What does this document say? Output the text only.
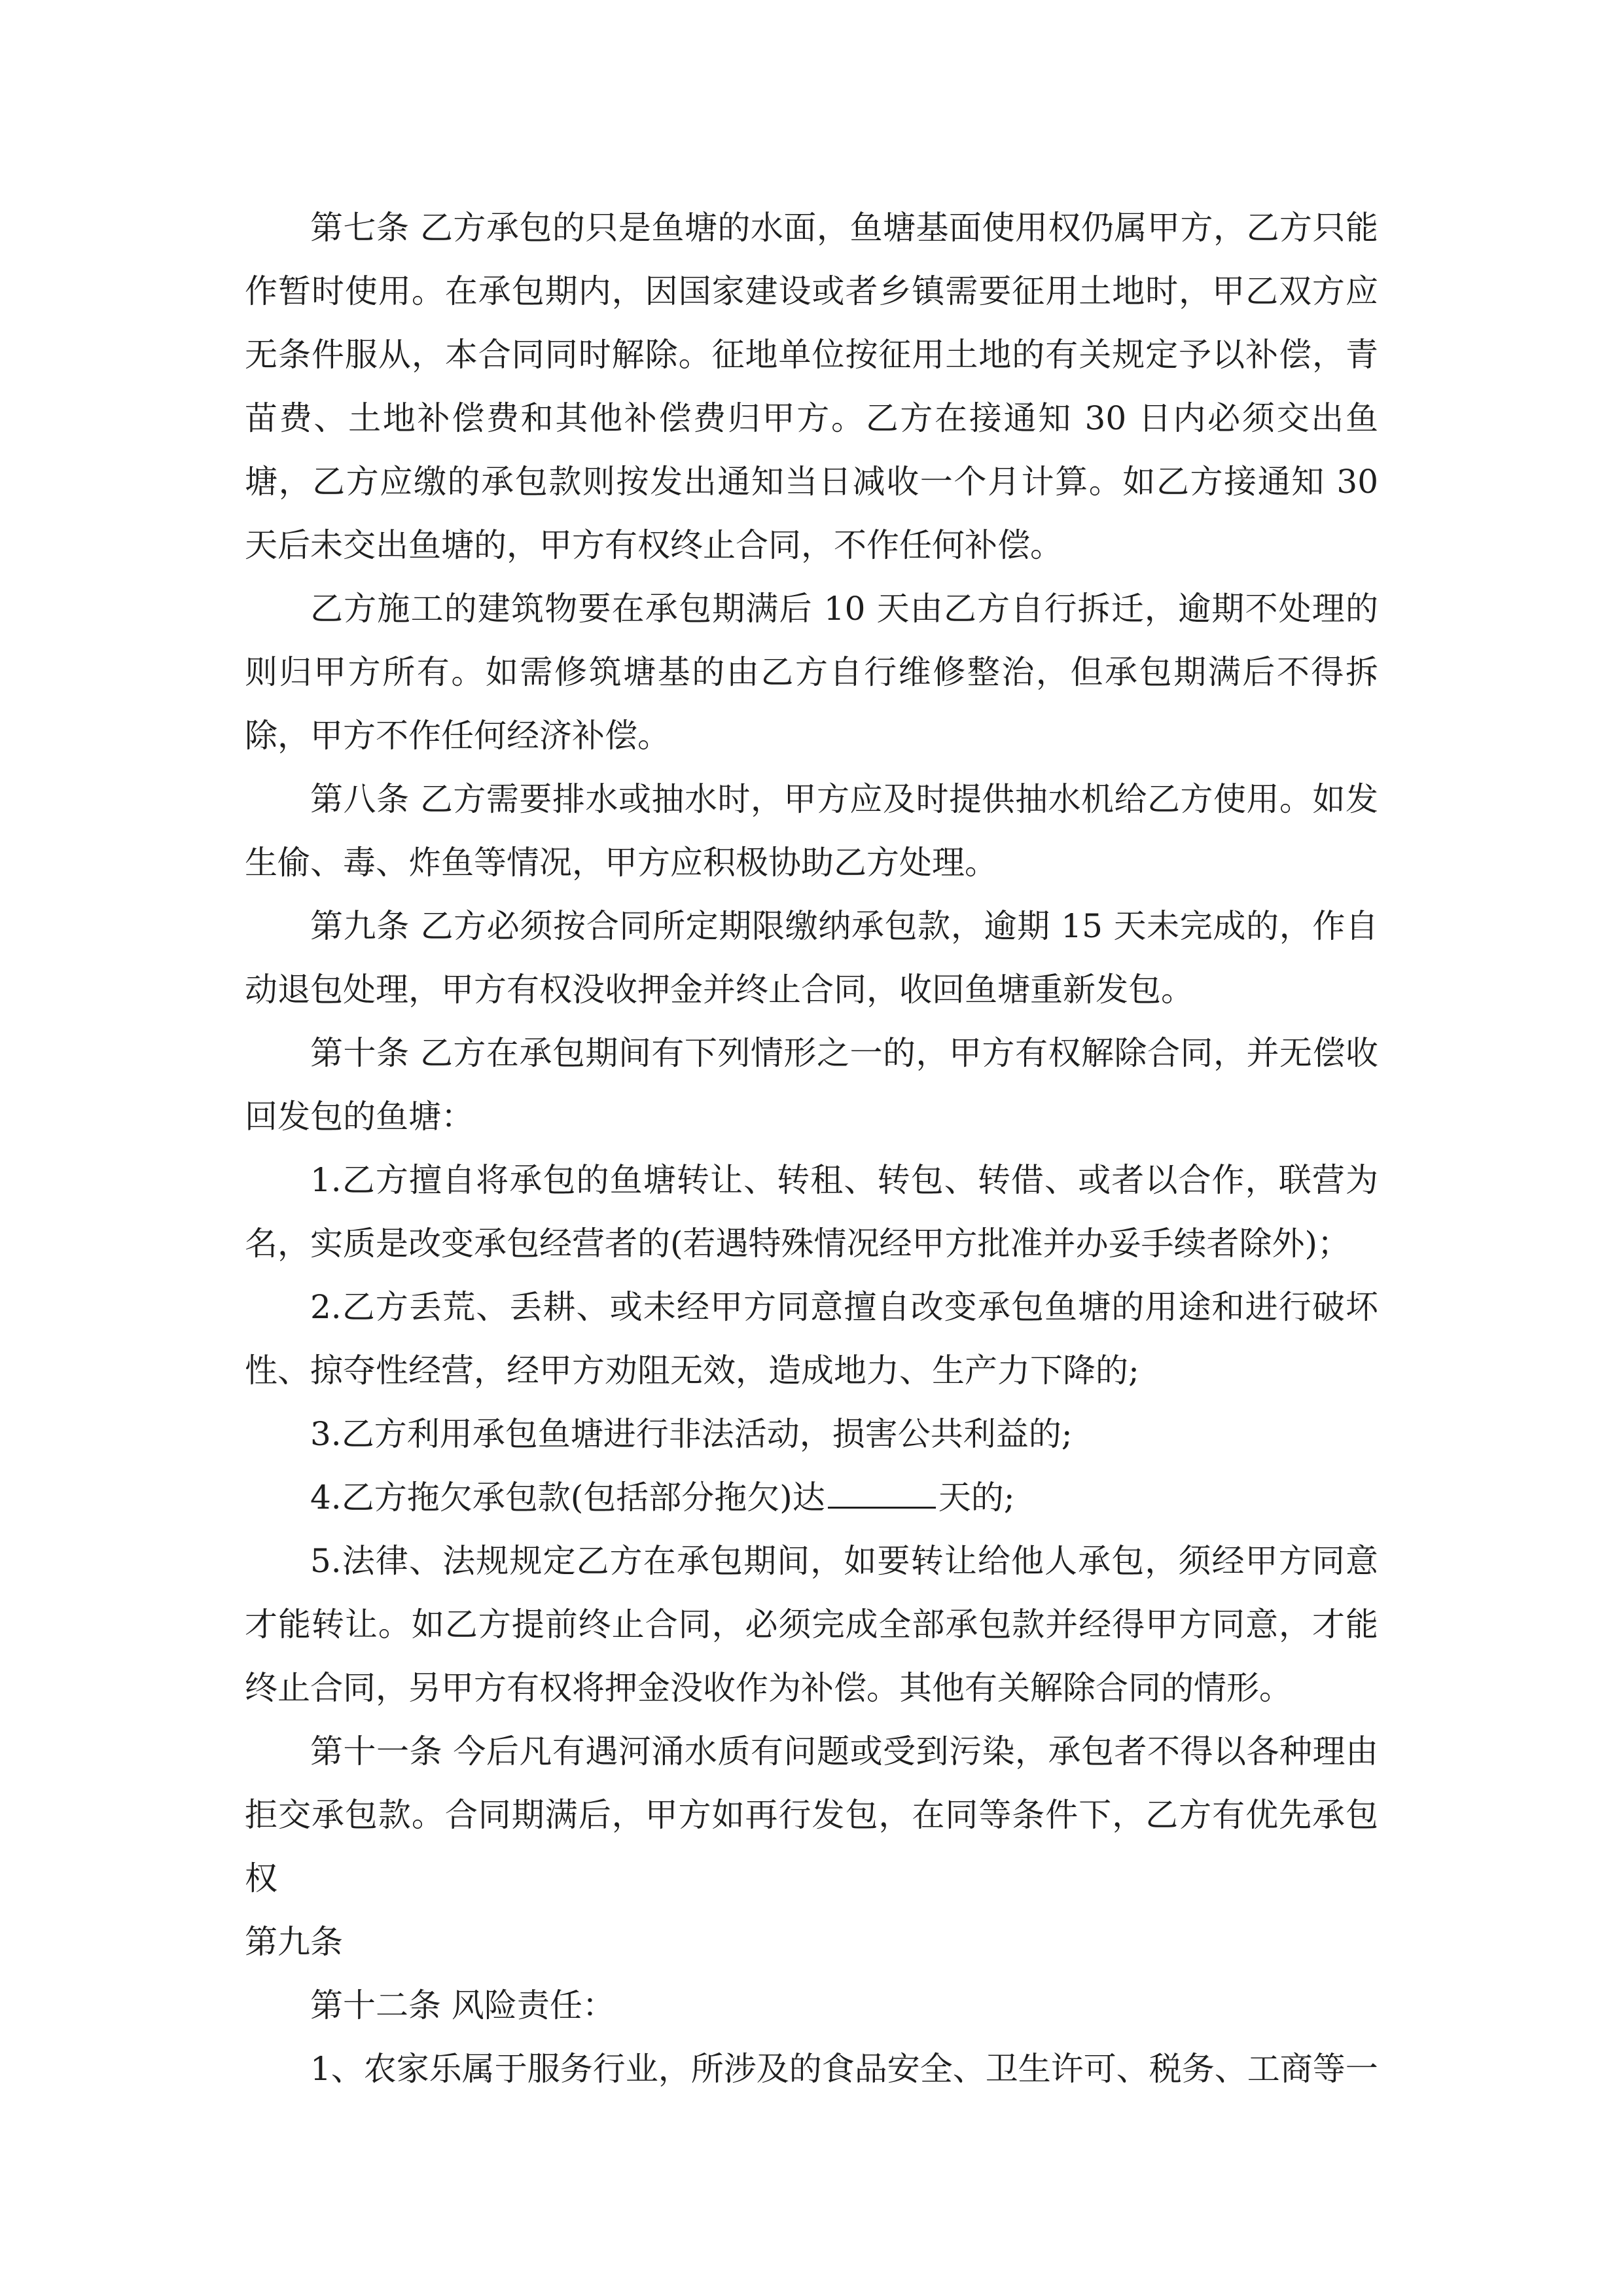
第七条 乙方承包的只是鱼塘的水面，鱼塘基面使用权仍属甲方，乙方只能作暂时使用。在承包期内，因国家建设或者乡镇需要征用土地时，甲乙双方应无条件服从，本合同同时解除。征地单位按征用土地的有关规定予以补偿，青苗费、土地补偿费和其他补偿费归甲方。乙方在接通知 30 日内必须交出鱼塘，乙方应缴的承包款则按发出通知当日减收一个月计算。如乙方接通知 30 天后未交出鱼塘的，甲方有权终止合同，不作任何补偿。

乙方施工的建筑物要在承包期满后 10 天由乙方自行拆迁，逾期不处理的则归甲方所有。如需修筑塘基的由乙方自行维修整治，但承包期满后不得拆除，甲方不作任何经济补偿。

第八条 乙方需要排水或抽水时，甲方应及时提供抽水机给乙方使用。如发生偷、毒、炸鱼等情况，甲方应积极协助乙方处理。

第九条 乙方必须按合同所定期限缴纳承包款，逾期 15 天未完成的，作自动退包处理，甲方有权没收押金并终止合同，收回鱼塘重新发包。

第十条 乙方在承包期间有下列情形之一的，甲方有权解除合同，并无偿收回发包的鱼塘：

1.乙方擅自将承包的鱼塘转让、转租、转包、转借、或者以合作，联营为名，实质是改变承包经营者的(若遇特殊情况经甲方批准并办妥手续者除外)；

2.乙方丢荒、丢耕、或未经甲方同意擅自改变承包鱼塘的用途和进行破坏性、掠夺性经营，经甲方劝阻无效，造成地力、生产力下降的;

3.乙方利用承包鱼塘进行非法活动，损害公共利益的;

4.乙方拖欠承包款(包括部分拖欠)达	天的;

5.法律、法规规定乙方在承包期间，如要转让给他人承包，须经甲方同意才能转让。如乙方提前终止合同，必须完成全部承包款并经得甲方同意，才能终止合同，另甲方有权将押金没收作为补偿。其他有关解除合同的情形。

第十一条 今后凡有遇河涌水质有问题或受到污染，承包者不得以各种理由拒交承包款。合同期满后，甲方如再行发包，在同等条件下，乙方有优先承包权

第九条

第十二条 风险责任：

1、农家乐属于服务行业，所涉及的食品安全、卫生许可、税务、工商等一
